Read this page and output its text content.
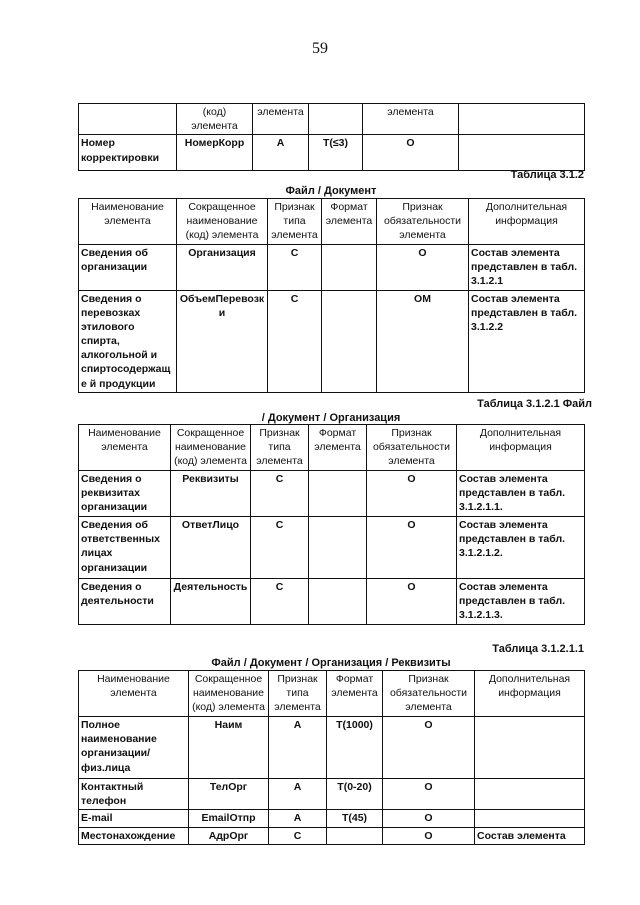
59
	(код) элемента	элемента		элемента	
Номер корректировки	НомерКорр	А	Т(≤3)	О	
Таблица 3.1.2
Файл / Документ
Наименование элемента	Сокращенное наименование (код) элемента	Признак типа элемента	Формат элемента	Признак обязательности элемента	Дополнительная информация
Сведения об организации	Организация	С		О	Состав элемента представлен в табл. 3.1.2.1
Сведения о перевозках этилового спирта, алкогольной и спиртосодержаще й продукции	ОбъемПеревозк и	С		ОМ	Состав элемента представлен в табл. 3.1.2.2
Таблица 3.1.2.1 Файл
/ Документ / Организация
Наименование элемента	Сокращенное наименование (код) элемента	Признак типа элемента	Формат элемента	Признак обязательности элемента	Дополнительная информация
Сведения о реквизитах организации	Реквизиты	С		О	Состав элемента представлен в табл. 3.1.2.1.1.
Сведения об ответственных лицах организации	ОтветЛицо	С		О	Состав элемента представлен в табл. 3.1.2.1.2.
Сведения о деятельности	Деятельность	С		О	Состав элемента представлен в табл. 3.1.2.1.3.
Таблица 3.1.2.1.1
Файл / Документ / Организация / Реквизиты
Наименование элемента	Сокращенное наименование (код) элемента	Признак типа элемента	Формат элемента	Признак обязательности элемента	Дополнительная информация
Полное наименование организации/ физ.лица	Наим	А	Т(1000)	О	
Контактный телефон	ТелОрг	А	Т(0-20)	О	
E-mail	EmailОтпр	А	Т(45)	О	
Местонахождение	АдрОрг	С		О	Состав элемента
